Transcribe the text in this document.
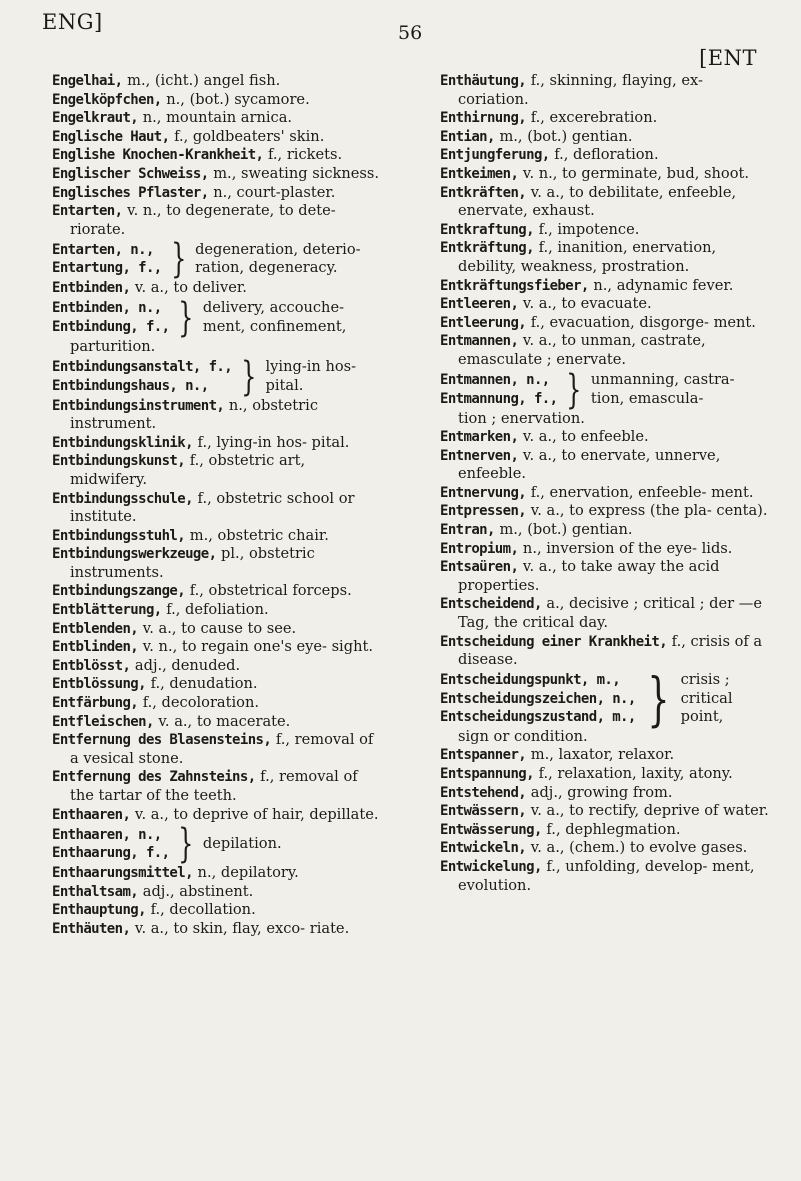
ENG]	56
[ENT

Engelhai, m., (icht.) angel fish.

Engelköpfchen, n., (bot.) sycamore.

Engelkraut, n., mountain arnica.

Englische Haut, f., goldbeaters' skin.

Englishe Knochen-Krankheit, f., rickets.

Englischer Schweiss, m., sweating sickness.

Englisches Pflaster, n., court-plaster.

Entarten, v. n., to degenerate, to dete- riorate.

Entarten, n.,
Entartung, f., } degeneration, deterio- ration, degeneracy.

Entbinden, v. a., to deliver.

Entbinden, n.,
Entbindung, f., } delivery, accouche- ment, confinement,
parturition.
Entbindungsanstalt, f.,
Entbindungshaus, n., } lying-in hos- pital.

Entbindungsinstrument, n., obstetric instrument.

Entbindungsklinik, f., lying-in hos- pital.

Entbindungskunst, f., obstetric art, midwifery.

Entbindungsschule, f., obstetric school or institute.

Entbindungsstuhl, m., obstetric chair.

Entbindungswerkzeuge, pl., obstetric instruments.

Entbindungszange, f., obstetrical forceps.

Entblätterung, f., defoliation.

Entblenden, v. a., to cause to see.

Entblinden, v. n., to regain one's eye- sight.

Entblösst, adj., denuded.

Entblössung, f., denudation.

Entfärbung, f., decoloration.

Entfleischen, v. a., to macerate.

Entfernung des Blasensteins, f., removal of a vesical stone.

Entfernung des Zahnsteins, f., removal of the tartar of the teeth.

Enthaaren, v. a., to deprive of hair, depillate.

Enthaaren, n.,
Enthaarung, f., } depilation.

Enthaarungsmittel, n., depilatory.

Enthaltsam, adj., abstinent.

Enthauptung, f., decollation.

Enthäuten, v. a., to skin, flay, exco- riate.

Enthäutung, f., skinning, flaying, ex- coriation.

Enthirnung, f., excerebration.

Entian, m., (bot.) gentian.

Entjungferung, f., defloration.

Entkeimen, v. n., to germinate, bud, shoot.

Entkräften, v. a., to debilitate, enfeeble, enervate, exhaust.

Entkraftung, f., impotence.

Entkräftung, f., inanition, enervation, debility, weakness, prostration.

Entkräftungsfieber, n., adynamic fever.

Entleeren, v. a., to evacuate.

Entleerung, f., evacuation, disgorge- ment.

Entmannen, v. a., to unman, castrate, emasculate ; enervate.

Entmannen, n.,
Entmannung, f., } unmanning, castra- tion, emascula-
tion ; enervation.

Entmarken, v. a., to enfeeble.

Entnerven, v. a., to enervate, unnerve, enfeeble.

Entnervung, f., enervation, enfeeble- ment.

Entpressen, v. a., to express (the pla- centa).

Entran, m., (bot.) gentian.

Entropium, n., inversion of the eye- lids.

Entsaüren, v. a., to take away the acid properties.

Entscheidend, a., decisive ; critical ; der —e Tag, the critical day.

Entscheidung einer Krankheit, f., crisis of a disease.

Entscheidungspunkt, m.,
Entscheidungszeichen, n.,
Entscheidungszustand, m., } crisis ; critical point,
sign or condition.

Entspanner, m., laxator, relaxor.

Entspannung, f., relaxation, laxity, atony.

Entstehend, adj., growing from.

Entwässern, v. a., to rectify, deprive of water.

Entwässerung, f., dephlegmation.

Entwickeln, v. a., (chem.) to evolve gases.

Entwickelung, f., unfolding, develop- ment, evolution.
